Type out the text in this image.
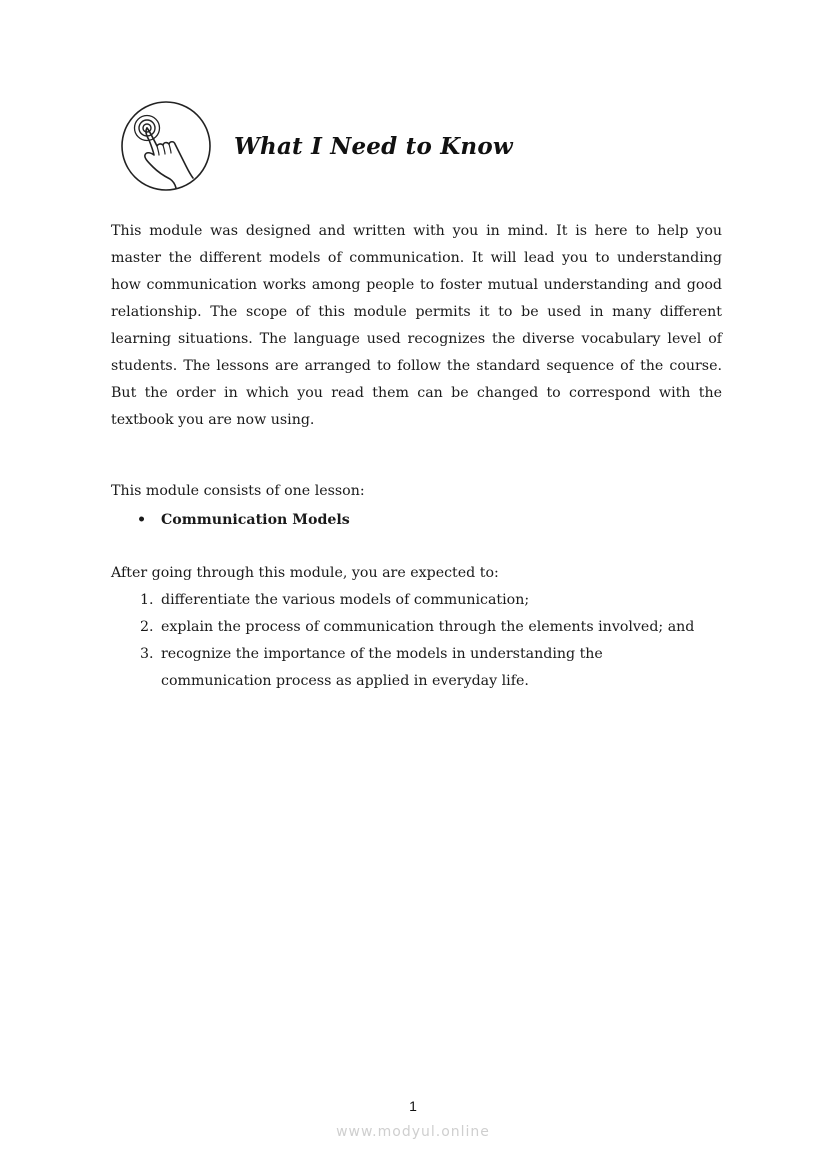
What I Need to Know

This module was designed and written with you in mind. It is here to help you master the different models of communication. It will lead you to understanding how communication works among people to foster mutual understanding and good relationship. The scope of this module permits it to be used in many different learning situations. The language used recognizes the diverse vocabulary level of students. The lessons are arranged to follow the standard sequence of the course. But the order in which you read them can be changed to correspond with the textbook you are now using.

This module consists of one lesson:

• Communication Models

After going through this module, you are expected to:

1. differentiate the various models of communication;
2. explain the process of communication through the elements involved; and
3. recognize the importance of the models in understanding the communication process as applied in everyday life.
1
www.modyul.online
